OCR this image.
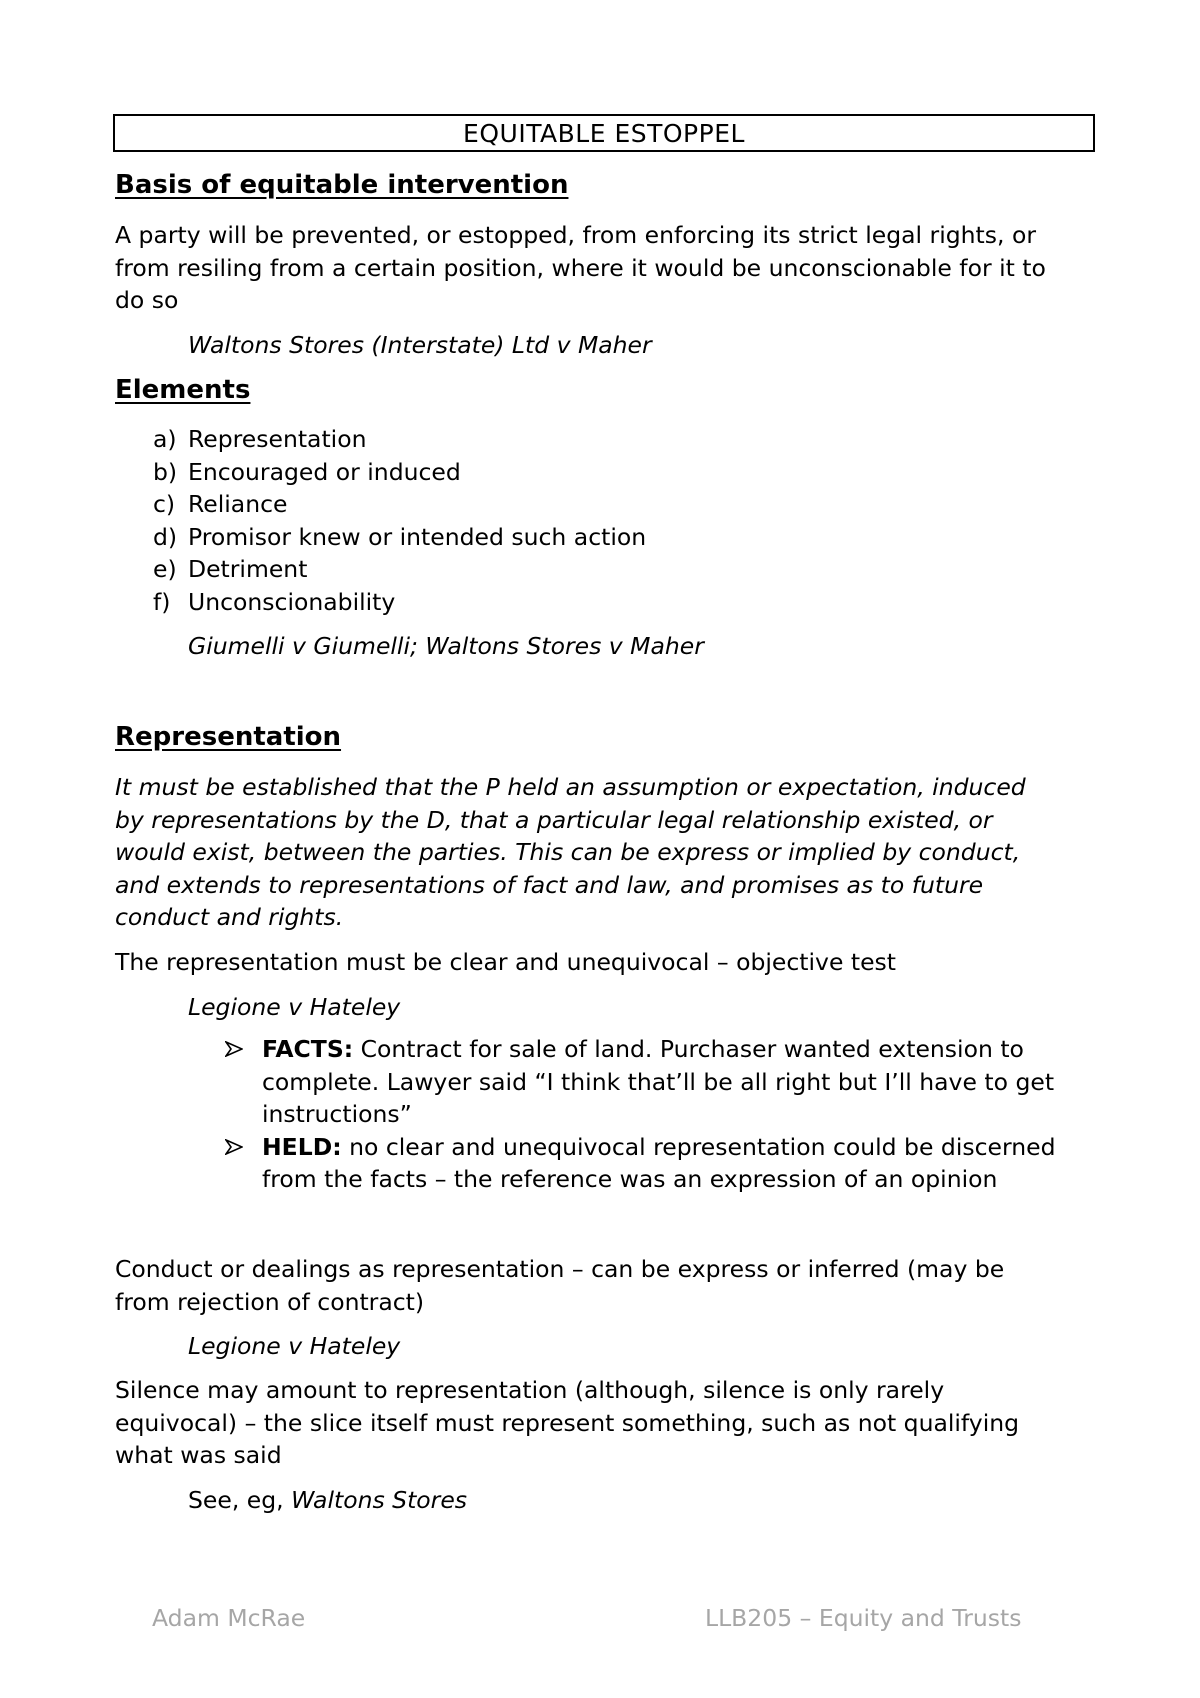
EQUITABLE ESTOPPEL
Basis of equitable intervention

A party will be prevented, or estopped, from enforcing its strict legal rights, or

from resiling from a certain position, where it would be unconscionable for it to

do so

Waltons Stores (Interstate) Ltd v Maher

Elements
a) Representation
b) Encouraged or induced
c) Reliance
d) Promisor knew or intended such action
e) Detriment
f) Unconscionability

Giumelli v Giumelli; Waltons Stores v Maher

Representation

It must be established that the P held an assumption or expectation, induced

by representations by the D, that a particular legal relationship existed, or

would exist, between the parties. This can be express or implied by conduct,

and extends to representations of fact and law, and promises as to future

conduct and rights.

The representation must be clear and unequivocal – objective test

Legione v Hateley

FACTS: Contract for sale of land. Purchaser wanted extension to
complete. Lawyer said “I think that’ll be all right but I’ll have to get
instructions”
HELD: no clear and unequivocal representation could be discerned
from the facts – the reference was an expression of an opinion

Conduct or dealings as representation – can be express or inferred (may be

from rejection of contract)

Legione v Hateley

Silence may amount to representation (although, silence is only rarely

equivocal) – the slice itself must represent something, such as not qualifying

what was said

See, eg, Waltons Stores

Adam McRae	LLB205 – Equity and Trusts
